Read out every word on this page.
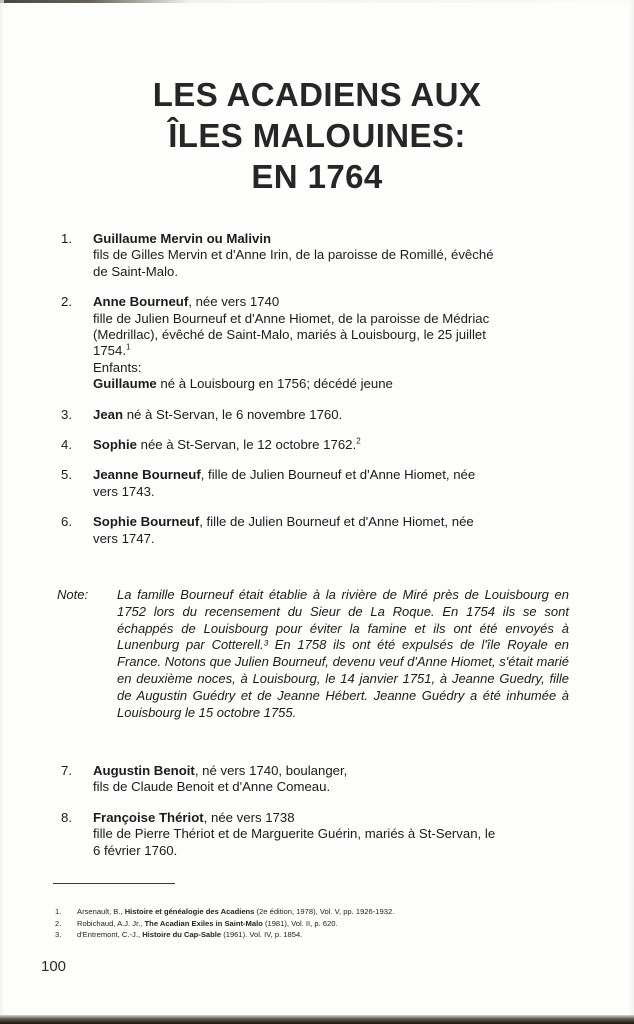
LES ACADIENS AUX
ÎLES MALOUINES:
EN 1764
1.	Guillaume Mervin ou Malivin
fils de Gilles Mervin et d'Anne Irin, de la paroisse de Romillé, évêché
de Saint-Malo.
2.	Anne Bourneuf, née vers 1740
fille de Julien Bourneuf et d'Anne Hiomet, de la paroisse de Médriac
(Medrillac), évêché de Saint-Malo, mariés à Louisbourg, le 25 juillet
1754.$^1$
Enfants:
Guillaume né à Louisbourg en 1756; décédé jeune
3.	Jean né à St-Servan, le 6 novembre 1760.
4.	Sophie née à St-Servan, le 12 octobre 1762.$^2$
5.	Jeanne Bourneuf, fille de Julien Bourneuf et d'Anne Hiomet, née
vers 1743.
6.	Sophie Bourneuf, fille de Julien Bourneuf et d'Anne Hiomet, née
vers 1747.
Note: La famille Bourneuf était établie à la rivière de Miré près de Louisbourg en 1752 lors du recensement du Sieur de La Roque. En 1754 ils se sont échappés de Louisbourg pour éviter la famine et ils ont été envoyés à Lunenburg par Cotterell.³ En 1758 ils ont été expulsés de l'île Royale en France. Notons que Julien Bourneuf, devenu veuf d'Anne Hiomet, s'était marié en deuxième noces, à Louisbourg, le 14 janvier 1751, à Jeanne Guedry, fille de Augustin Guédry et de Jeanne Hébert. Jeanne Guédry a été inhumée à Louisbourg le 15 octobre 1755.
7.	Augustin Benoit, né vers 1740, boulanger,
fils de Claude Benoit et d'Anne Comeau.
8.	Françoise Thériot, née vers 1738
fille de Pierre Thériot et de Marguerite Guérin, mariés à St-Servan, le
6 février 1760.
1. Arsenault, B., Histoire et généalogie des Acadiens (2e édition, 1978), Vol. V, pp. 1926-1932.
2. Robichaud, A.J. Jr., The Acadian Exiles in Saint-Malo (1981), Vol. II, p. 620.
3. d'Entremont, C.-J., Histoire du Cap-Sable (1961). Vol. IV, p. 1854.
100
